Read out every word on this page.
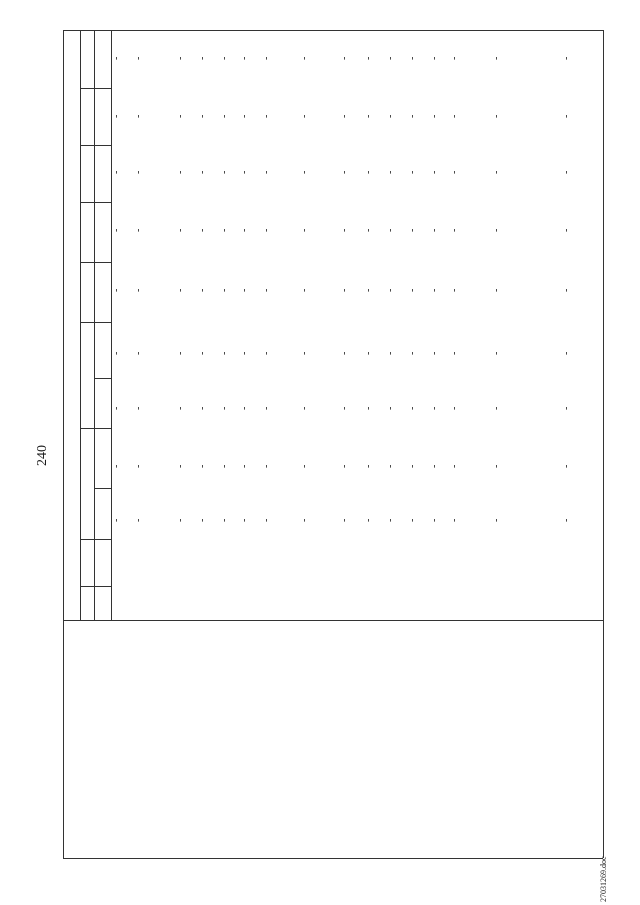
240
27031269.doc
-
-
-
-
-
-
-
-
-
-
-
-
-
-
-
-
-
-
-
-
-
-
-
-
-
-
-
-
-
-
-
-
-
-
-
-
-
-
-
-
-
-
-
-
-
-
-
-
-
-
-
-
-
-
-
-
-
-
-
-
-
-
-
-
-
-
-
-
-
-
-
-
-
-
-
-
-
-
-
-
-
-
-
-
-
-
-
-
-
-
-
-
-
-
-
-
-
-
-
-
-
-
-
-
-
-
-
-
-
-
-
-
-
-
-
-
-
-
-
-
-
-
-
-
-
-
-
-
-
-
-
-
-
-
-
-
-
-
-
-
-
-
-
-
